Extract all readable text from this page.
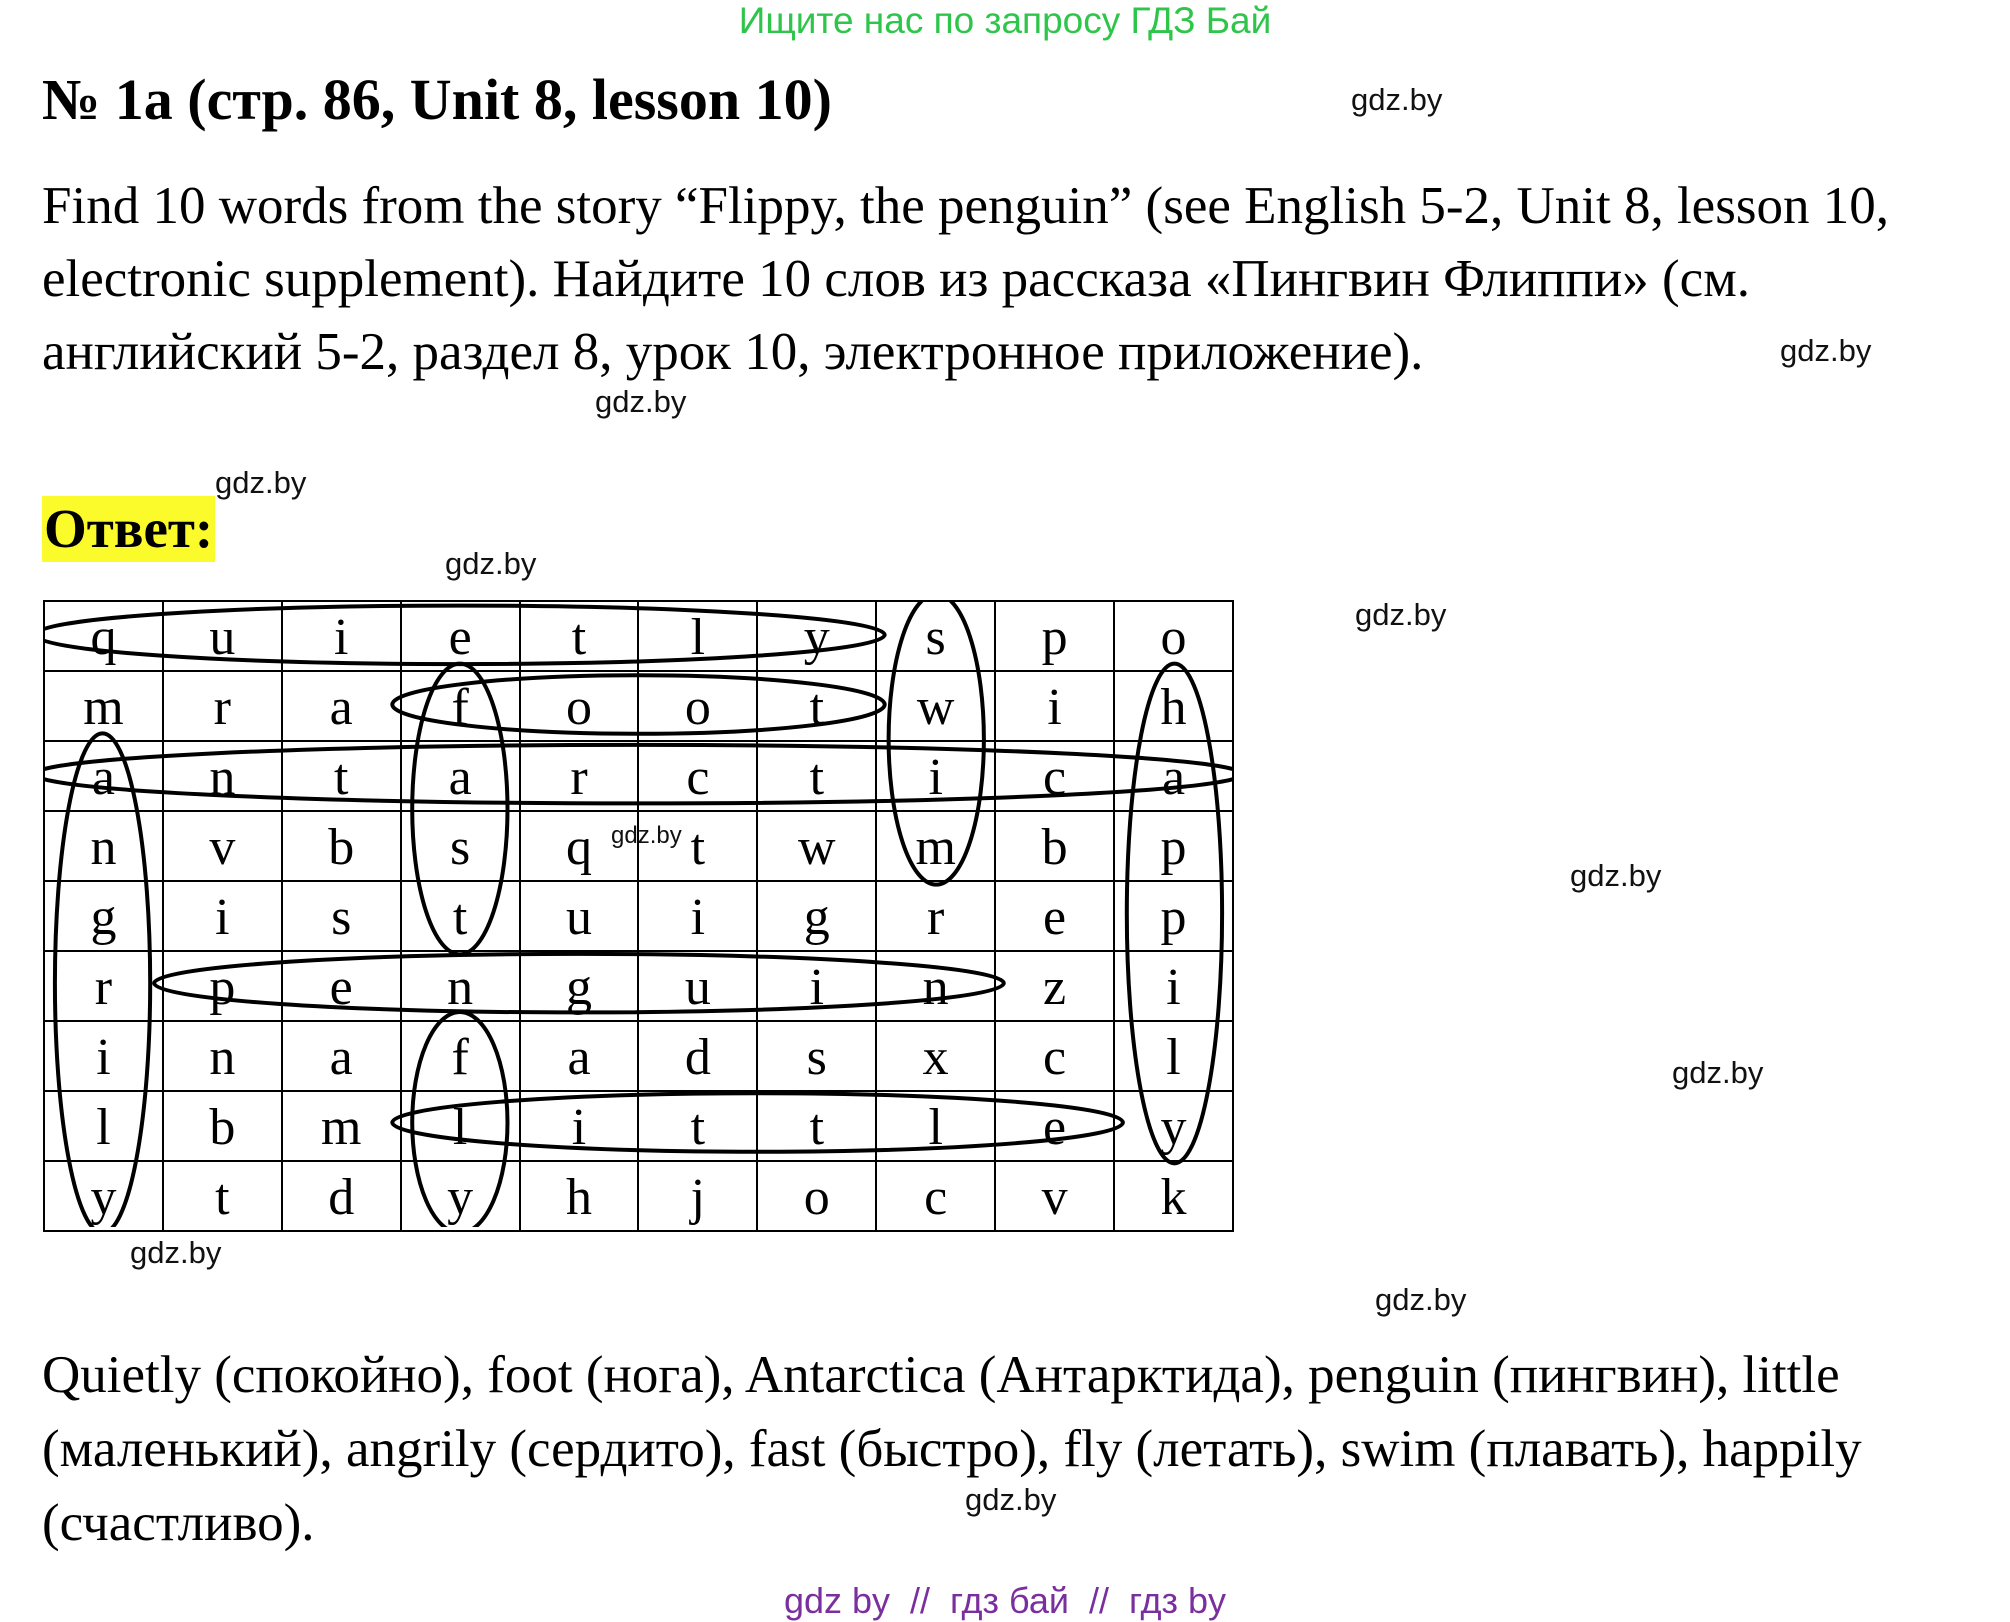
Ищите нас по запросу ГДЗ Бай
№ 1a (стр. 86, Unit 8, lesson 10)
Find 10 words from the story “Flippy, the penguin” (see English 5-2, Unit 8, lesson 10, electronic supplement). Найдите 10 слов из рассказа «Пингвин Флиппи» (см. английский 5-2, раздел 8, урок 10, электронное приложение).
Ответ:
gdz.by
gdz.by
gdz.by
gdz.by
gdz.by
gdz.by
gdz.by
gdz.by
gdz.by
gdz.by
gdz.by
q	u	i	e	t	l	y	s	p	o
m	r	a	f	o	o	t	w	i	h
a	n	t	a	r	c	t	i	c	a
n	v	b	s	q	t	w	m	b	p
g	i	s	t	u	i	g	r	e	p
r	p	e	n	g	u	i	n	z	i
i	n	a	f	a	d	s	x	c	l
l	b	m	l	i	t	t	l	e	y
y	t	d	y	h	j	o	c	v	k
gdz.by
Quietly (спокойно), foot (нога), Antarctica (Антарктида), penguin (пингвин), little (маленький), angrily (сердито), fast (быстро), fly (летать), swim (плавать), happily (счастливо).
gdz by  //  гдз бай  //  гдз by
